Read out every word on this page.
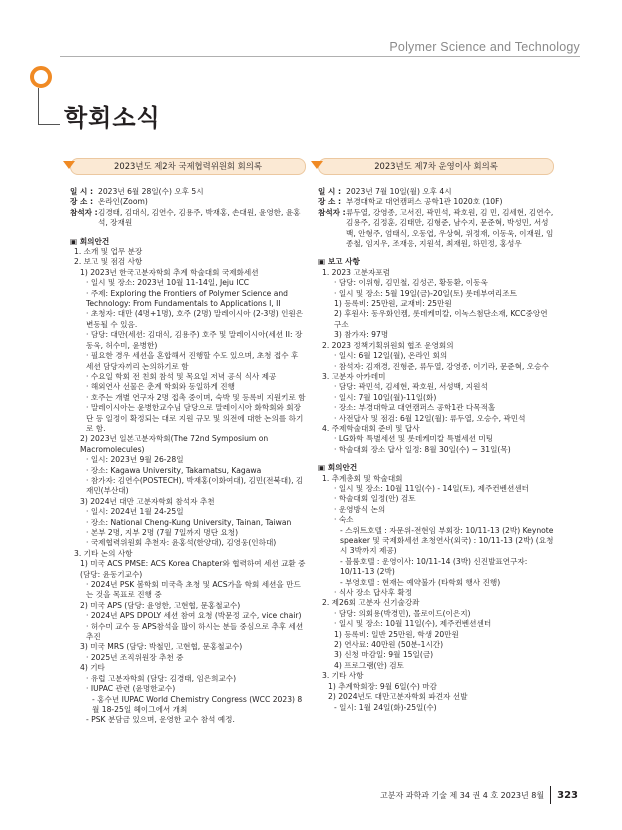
Polymer Science and Technology
학회소식
2023년도 제2차 국제협력위원회 회의록
일 시 : 2023년 6월 28일(수) 오후 5시
장 소 : 온라인(Zoom)
참석자 : 김경태, 김대식, 김연수, 김용주, 박재홍, 손대원, 윤영한, 윤홍석, 장재원
▣ 회의안건
1. 소개 및 업무 분장
2. 보고 및 점검 사항
1) 2023년 한국고분자학회 추계 학술대회 국제화세션
· 일시 및 장소: 2023년 10월 11-14일, Jeju ICC
· 주제: Exploring the Frontiers of Polymer Science and Technology: From Fundamentals to Applications I, II
· 초청자: 대만 (4명+1명), 호주 (2명) 말레이시아 (2-3명) 인원은 변동될 수 있음.
· 담당: 대만(세션: 김대식, 김용주) 호주 및 말레이시아(세션 II: 장동욱, 허수미, 윤병한)
· 필요한 경우 세션을 혼합해서 진행할 수도 있으며, 초청 접수 후 세션 담당자끼리 논의하기로 함
· 수요일 학회 전 친회 참석 및 목요일 저녁 공식 식사 제공
· 해외연사 선물은 춘계 학회와 동일하게 진행
· 호주는 개별 연구자 2명 접촉 중이며, 숙박 및 등록비 지원키로 함
· 말레이시아는 윤병한교수님 담당으로 말레이시아 화학회와 회장단 등 일정이 확정되는 대로 지원 규모 및 의전에 대한 논의를 하기로 함.
2) 2023년 일본고분자학회(The 72nd Symposium on Macromolecules)
· 일시: 2023년 9월 26-28일
· 장소: Kagawa University, Takamatsu, Kagawa
· 참가자: 김연수(POSTECH), 박재홍(이화여대), 김민(전북대), 김재민(부산대)
3) 2024년 대만 고분자학회 참석자 추천
· 일시: 2024년 1월 24-25일
· 장소: National Cheng-Kung University, Tainan, Taiwan
· 본부 2명, 지부 2명 (7월 7일까지 명단 요청)
· 국제협력위원회 추천자: 윤홍석(한양대), 김영웅(인하대)
3. 기타 논의 사항
1) 미국 ACS PMSE: ACS Korea Chapter와 협력하여 세션 교환 중 (담당: 윤동기교수)
· 2024년 PSK 봄학회 미국측 초청 및 ACS가을 학회 세션을 만드는 것을 목표로 진행 중
2) 미국 APS (담당: 윤영한, 고현협, 문홍철교수)
· 2024년 APS DPOLY 세션 참여 요청 (박문정 교수, vice chair)
· 허수미 교수 등 APS참석을 많이 하시는 분들 중심으로 추후 세션 추진
3) 미국 MRS (담당: 박철민, 고현협, 문홍철교수)
· 2025년 조직위원장 추천 중
4) 기타
· 유럽 고분자학회 (담당: 김경태, 임은희교수)
· IUPAC 관련 (윤명한교수)
- 홍수년 IUPAC World Chemistry Congress (WCC 2023) 8월 18-25일 헤이그에서 개최
- PSK 분담금 있으며, 운영한 교수 참석 예정.
2023년도 제7차 운영이사 회의록
일 시 : 2023년 7월 10일(월) 오후 4시
장 소 : 부경대학교 대연캠퍼스 공학1관 1020호 (10F)
참석자 : 류두열, 강영종, 고서진, 곽민석, 곽호원, 김 민, 김세현, 김연수, 김용주, 김정훈, 김태만, 김형준, 남수지, 문준혁, 박성민, 서성백, 안형주, 엄태식, 오동엽, 우상혁, 위정재, 이동욱, 이재원, 임종철, 임지우, 조재응, 지원석, 최재원, 하민정, 홍성우
▣ 보고 사항
1. 2023 고분자포럼
· 담당: 이위형, 김민철, 김성곤, 황동환, 이동욱
· 일시 및 장소: 5월 19일(금)-20일(토) 롯데부여리조트
1) 등록비: 25만원, 교재비: 25만원
2) 후원사: 동우화인켐, 롯데케미칼, 이녹스첨단소재, KCC중앙연구소
3) 참가자: 97명
2. 2023 정책기획위원회 협조 운영회의
· 일시: 6월 12일(월), 온라인 회의
· 참석자: 김재경, 진형준, 류두열, 강영종, 이기라, 문준혁, 오승수
3. 고분자 아카데미
· 담당: 곽민석, 김세현, 곽호원, 서성백, 지원석
· 일시: 7월 10일(월)-11일(화)
· 장소: 부경대학교 대연캠퍼스 공학1관 다목적홀
· 사전답사 및 점검: 6월 12일(월): 류두열, 오승수, 곽민석
4. 주제학술대회 준비 및 답사
· LG화학 특별세션 및 롯데케미칼 특별세션 미팅
· 학술대회 장소 답사 일정: 8월 30일(수) ~ 31일(목)
▣ 회의안건
1. 추계총회 및 학술대회
· 일시 및 장소: 10월 11일(수) - 14일(토), 제주컨벤션센터
· 학술대회 일정(안) 검토
· 운영방식 논의
· 숙소
- 스위트호텔 : 자문위-전현임 부회장: 10/11-13 (2박) Keynote speaker 및 국제화세션 초청연사(외국) : 10/11-13 (2박) (요청 시 3박까지 제공)
- 블룸호텔 : 운영이사: 10/11-14 (3박) 신진발표연구자: 10/11-13 (2박)
- 부영호텔 : 현재는 예약불가 (타학회 행사 진행)
· 식사 장소 답사후 확정
2. 제26회 고분자 신기술강좌
· 담당: 의회용(박경민), 몰로이드(이은지)
· 일시 및 장소: 10월 11일(수), 제주컨벤션센터
1) 등록비: 일반 25만원, 학생 20만원
2) 연사료: 40만원 (50분-1시간)
3) 신청 마감일: 9월 15일(금)
4) 프로그램(안) 검토
3. 기타 사항
1) 추계학회장: 9월 6일(수) 마감
2) 2024년도 대만고분자학회 파견자 선발
- 일시: 1월 24일(화)-25일(수)
고분자 과학과 기술 제 34 권 4 호 2023년 8월 323
